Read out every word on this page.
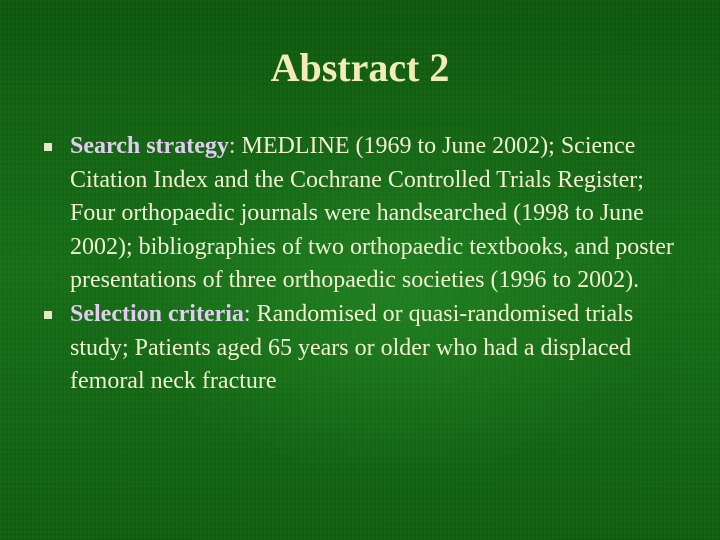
Abstract 2
Search strategy: MEDLINE (1969 to June 2002); Science Citation Index and the Cochrane Controlled Trials Register; Four orthopaedic journals were handsearched (1998 to June 2002); bibliographies of two orthopaedic textbooks, and poster presentations of three orthopaedic societies (1996 to 2002).
Selection criteria: Randomised or quasi-randomised trials study; Patients aged 65 years or older who had a displaced femoral neck fracture
